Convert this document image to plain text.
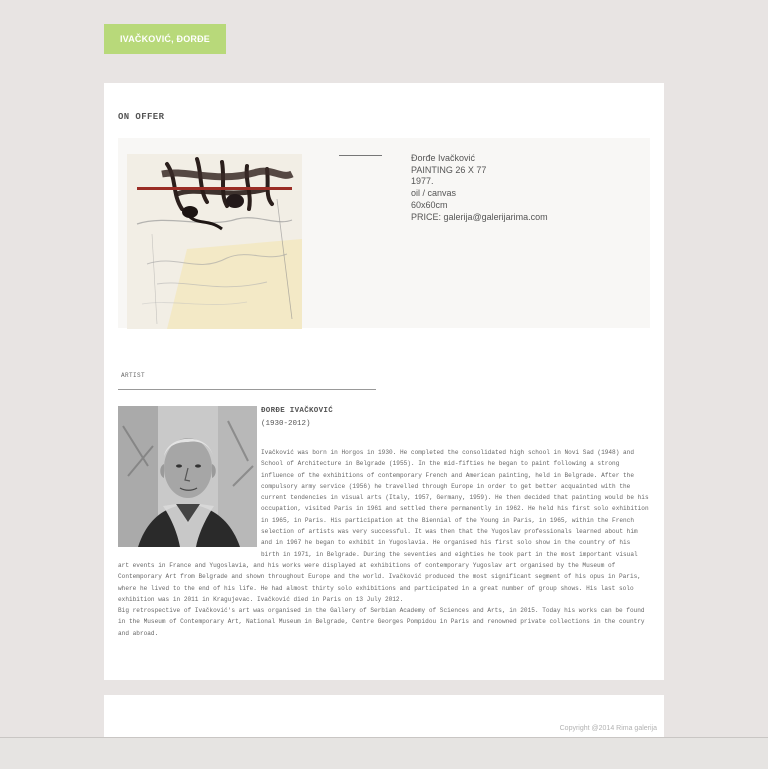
IVAČKOVIĆ, ĐORĐE
ON OFFER
Đorđe Ivačković
PAINTING 26 X 77
1977.
oil / canvas
60x60cm
PRICE: galerija@galerijarima.com
ARTIST
ĐORĐE IVAČKOVIĆ
(1930-2012)

Ivačković was born in Horgos in 1930. He completed the consolidated high school in Novi Sad (1948) and School of Architecture in Belgrade (1955). In the mid-fifties he began to paint following a strong influence of the exhibitions of contemporary French and American painting, held in Belgrade. After the compulsory army service (1956) he travelled through Europe in order to get better acquainted with the current tendencies in visual arts (Italy, 1957, Germany, 1959). He then decided that painting would be his occupation, visited Paris in 1961 and settled there permanently in 1962. He held his first solo exhibition in 1965, in Paris. His participation at the Biennial of the Young in Paris, in 1965, within the French selection of artists was very successful. It was then that the Yugoslav professionals learned about him and in 1967 he began to exhibit in Yugoslavia. He organised his first solo show in the country of his birth in 1971, in Belgrade. During the seventies and eighties he took part in the most important visual art events in France and Yugoslavia, and his works were displayed at exhibitions of contemporary Yugoslav art organised by the Museum of Contemporary Art from Belgrade and shown throughout Europe and the world. Ivačković produced the most significant segment of his opus in Paris, where he lived to the end of his life. He had almost thirty solo exhibitions and participated in a great number of group shows. His last solo exhibition was in 2011 in Kragujevac. Ivačković died in Paris on 13 July 2012.

Big retrospective of Ivačković's art was organised in the Gallery of Serbian Academy of Sciences and Arts, in 2015. Today his works can be found in the Museum of Contemporary Art, National Museum in Belgrade, Centre Georges Pompidou in Paris and renowned private collections in the country and abroad.

Copyright @2014 Rima galerija
